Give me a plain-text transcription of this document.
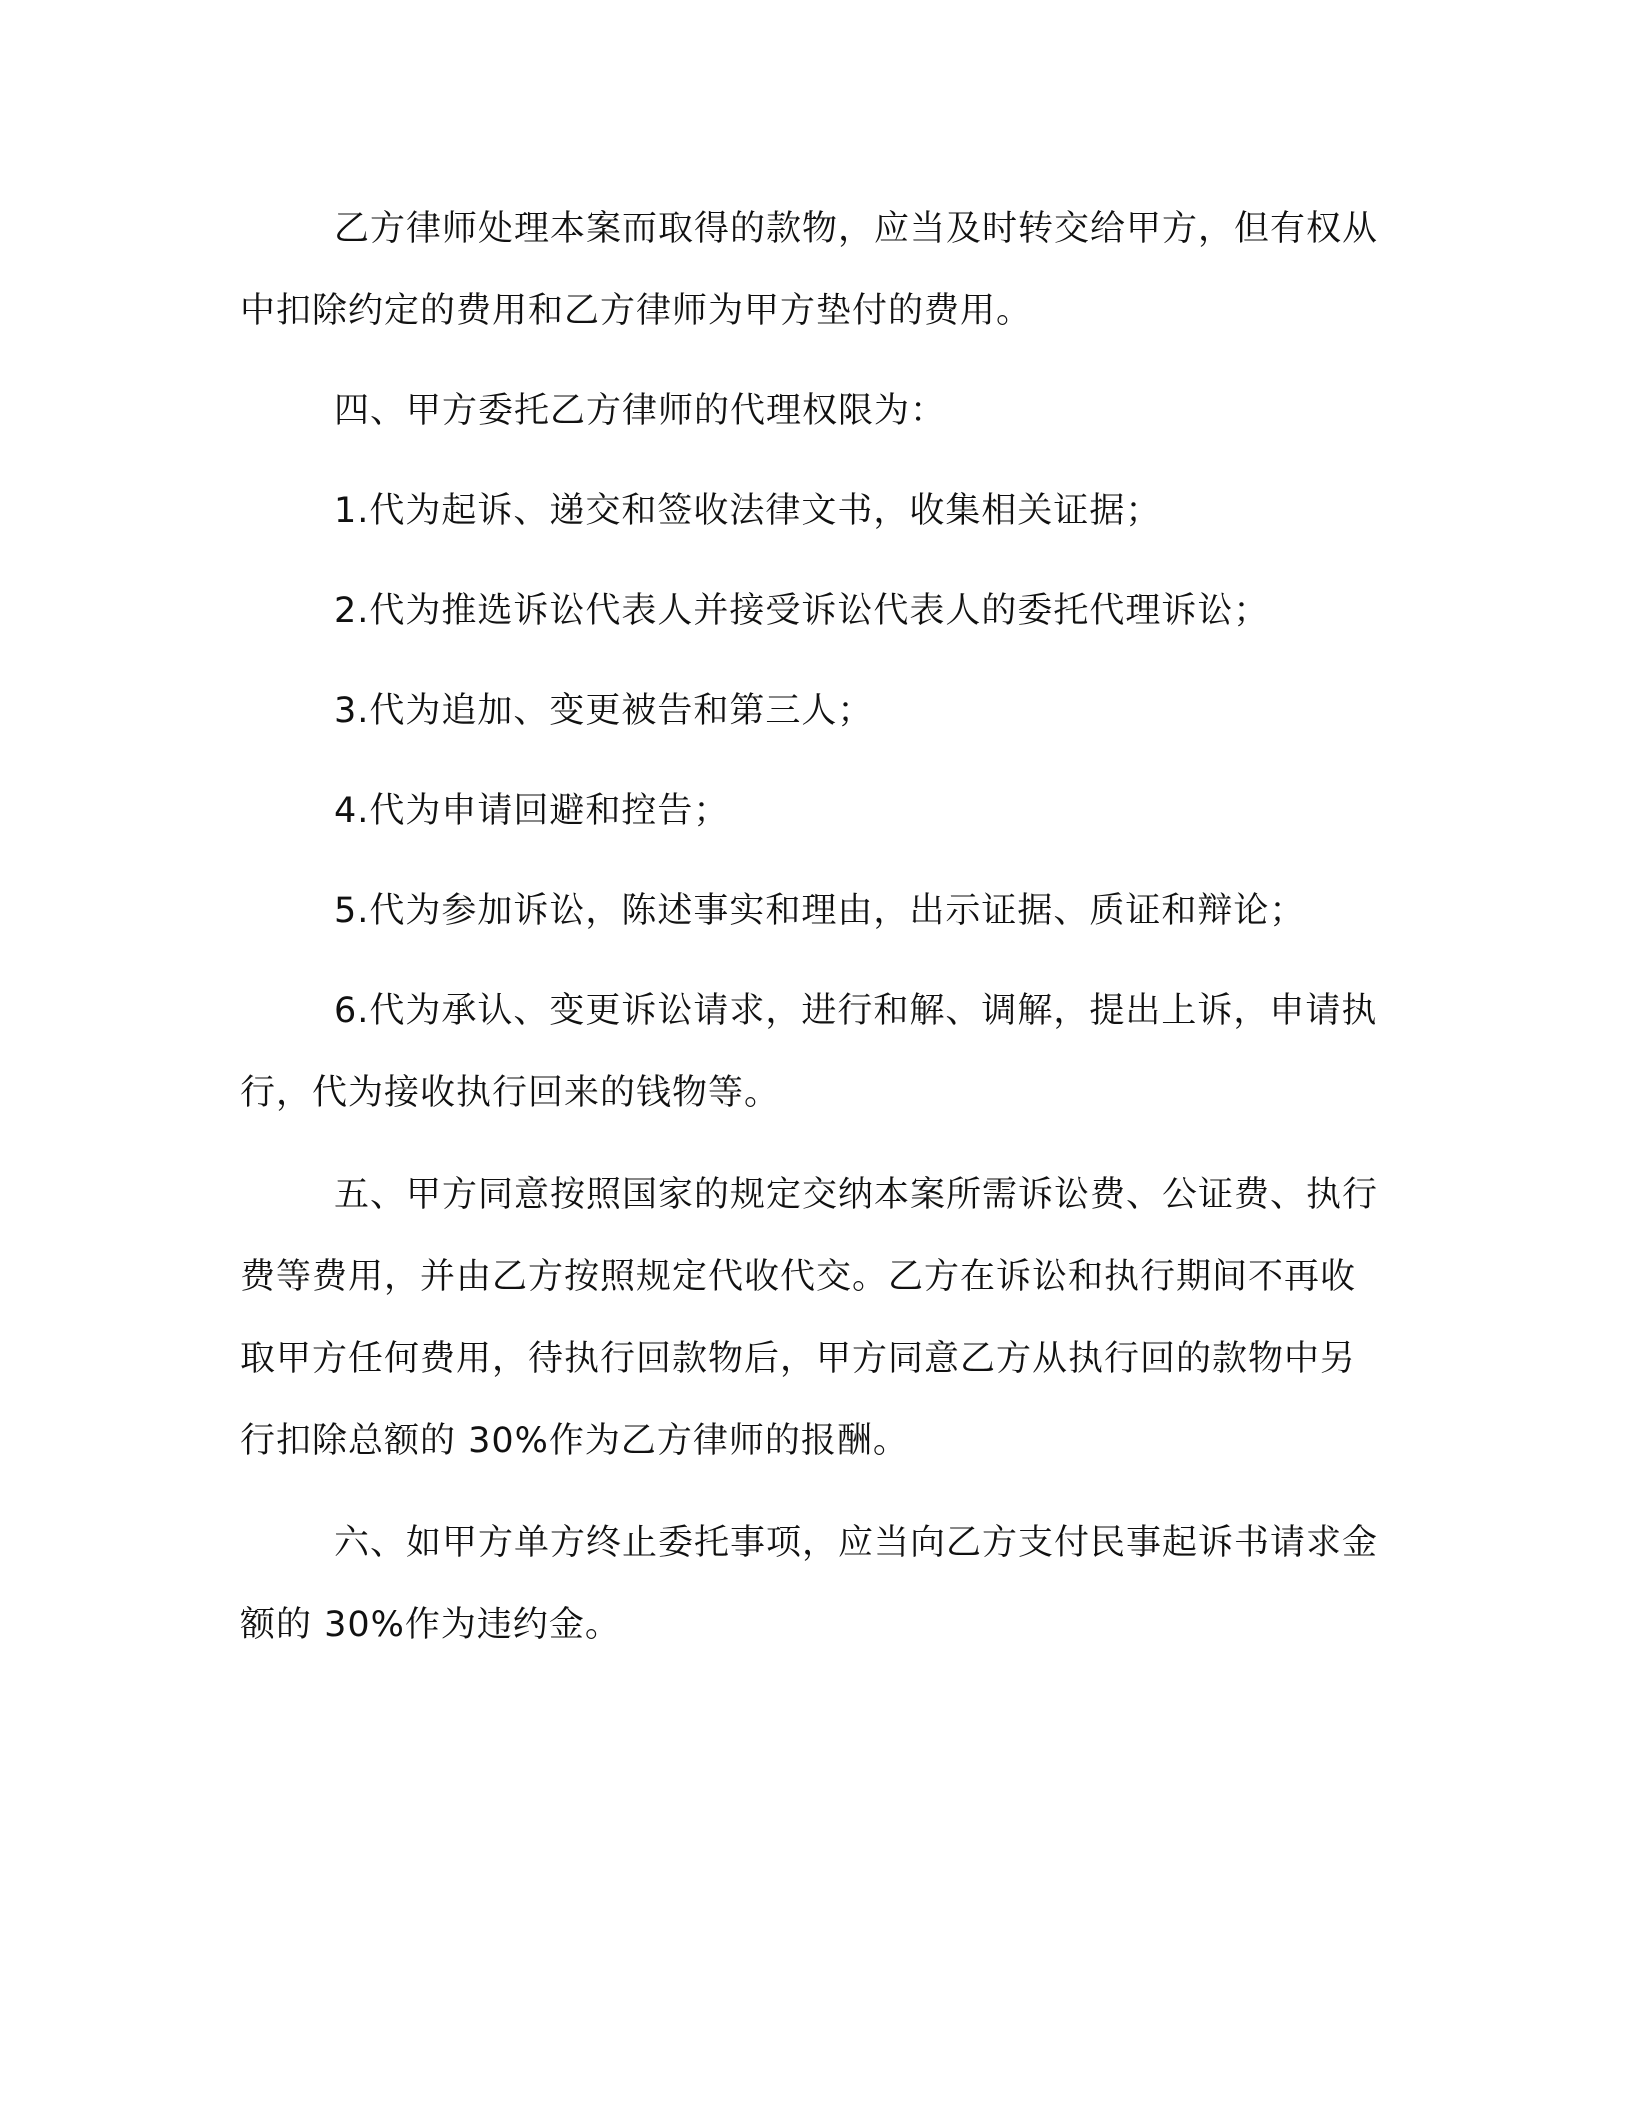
乙方律师处理本案而取得的款物，应当及时转交给甲方，但有权从中扣除约定的费用和乙方律师为甲方垫付的费用。

四、甲方委托乙方律师的代理权限为：

1.代为起诉、递交和签收法律文书，收集相关证据；

2.代为推选诉讼代表人并接受诉讼代表人的委托代理诉讼；

3.代为追加、变更被告和第三人；

4.代为申请回避和控告；

5.代为参加诉讼，陈述事实和理由，出示证据、质证和辩论；

6.代为承认、变更诉讼请求，进行和解、调解，提出上诉，申请执行，代为接收执行回来的钱物等。

五、甲方同意按照国家的规定交纳本案所需诉讼费、公证费、执行费等费用，并由乙方按照规定代收代交。乙方在诉讼和执行期间不再收取甲方任何费用，待执行回款物后，甲方同意乙方从执行回的款物中另行扣除总额的 30%作为乙方律师的报酬。

六、如甲方单方终止委托事项，应当向乙方支付民事起诉书请求金额的 30%作为违约金。
